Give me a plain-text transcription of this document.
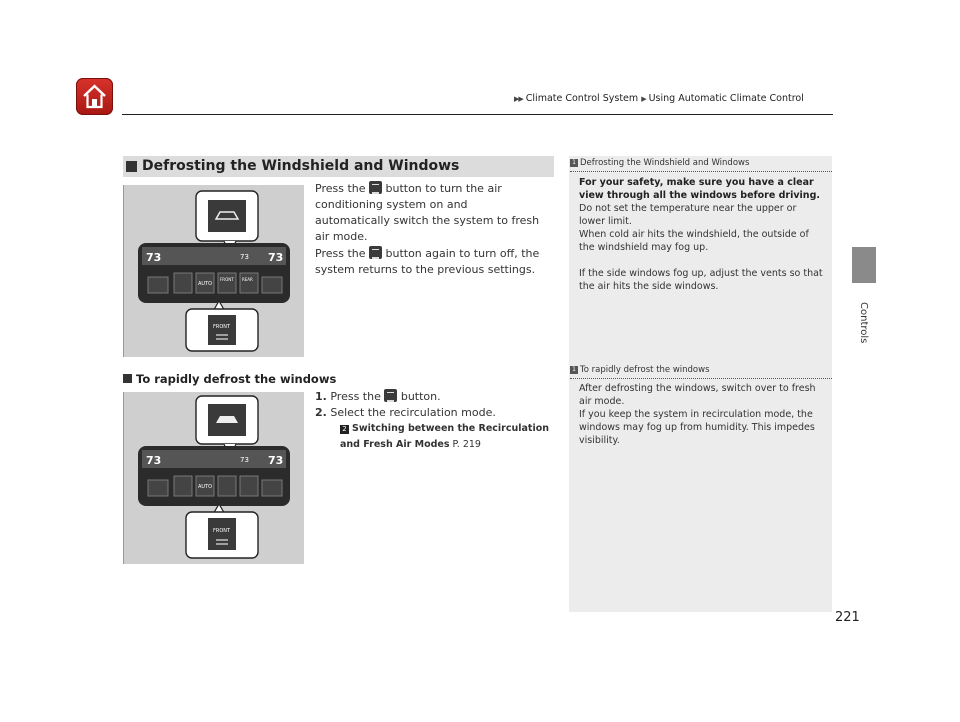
▶▶ Climate Control System ▶ Using Automatic Climate Control
Controls
Defrosting the Windshield and Windows
73	73
73
AUTO
FRONT REAR
FRONT
Press the button to turn the air conditioning system on and automatically switch the system to fresh air mode.
Press the button again to turn off, the system returns to the previous settings.
To rapidly defrost the windows
73	73
73
AUTO
FRONT
1. Press the button.
2. Select the recirculation mode.
2 Switching between the Recirculation and Fresh Air Modes P. 219
1 Defrosting the Windshield and Windows
For your safety, make sure you have a clear view through all the windows before driving.
Do not set the temperature near the upper or lower limit.
When cold air hits the windshield, the outside of the windshield may fog up.
If the side windows fog up, adjust the vents so that the air hits the side windows.
1 To rapidly defrost the windows
After defrosting the windows, switch over to fresh air mode.
If you keep the system in recirculation mode, the windows may fog up from humidity. This impedes visibility.
221
